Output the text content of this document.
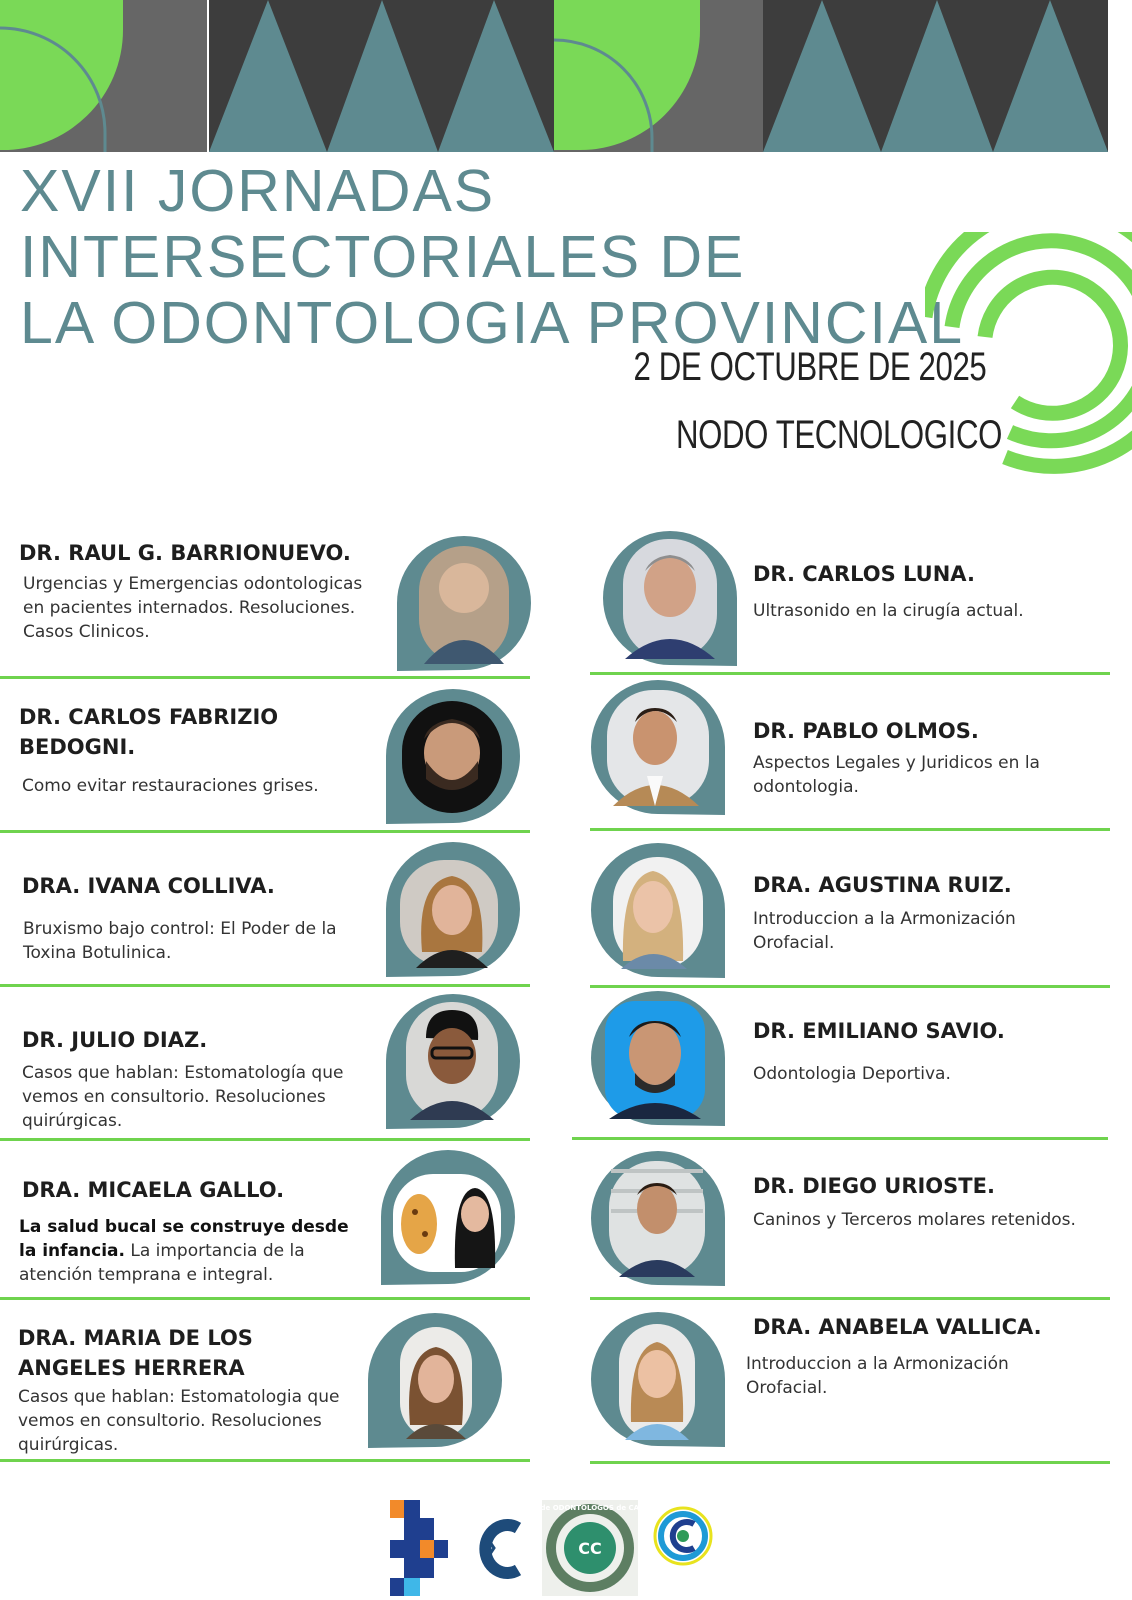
XVII JORNADAS INTERSECTORIALES DE
LA ODONTOLOGIA PROVINCIAL
2 DE OCTUBRE DE 2025
NODO TECNOLOGICO
DR. RAUL G. BARRIONUEVO.

Urgencias y Emergencias odontologicas en pacientes internados. Resoluciones. Casos Clinicos.

DR. CARLOS FABRIZIO BEDOGNI.

Como evitar restauraciones grises.

DRA. IVANA COLLIVA.

Bruxismo bajo control: El Poder de la Toxina Botulinica.

DR. JULIO DIAZ.

Casos que hablan: Estomatología que vemos en consultorio. Resoluciones quirúrgicas.

DRA. MICAELA GALLO.

La salud bucal se construye desde la infancia. La importancia de la atención temprana e integral.

DRA. MARIA DE LOS ANGELES HERRERA

Casos que hablan: Estomatologia que vemos en consultorio. Resoluciones quirúrgicas.

DR. CARLOS LUNA.

Ultrasonido en la cirugía actual.

DR. PABLO OLMOS.

Aspectos Legales y Juridicos en la odontologia.

DRA. AGUSTINA RUIZ.

Introduccion a la Armonización Orofacial.

DR. EMILIANO SAVIO.

Odontologia Deportiva.

DR. DIEGO URIOSTE.

Caninos y Terceros molares retenidos.

DRA. ANABELA VALLICA.

Introduccion a la Armonización Orofacial.

CC
COLEGIO de ODONTOLOGOS de CATAMARCA
